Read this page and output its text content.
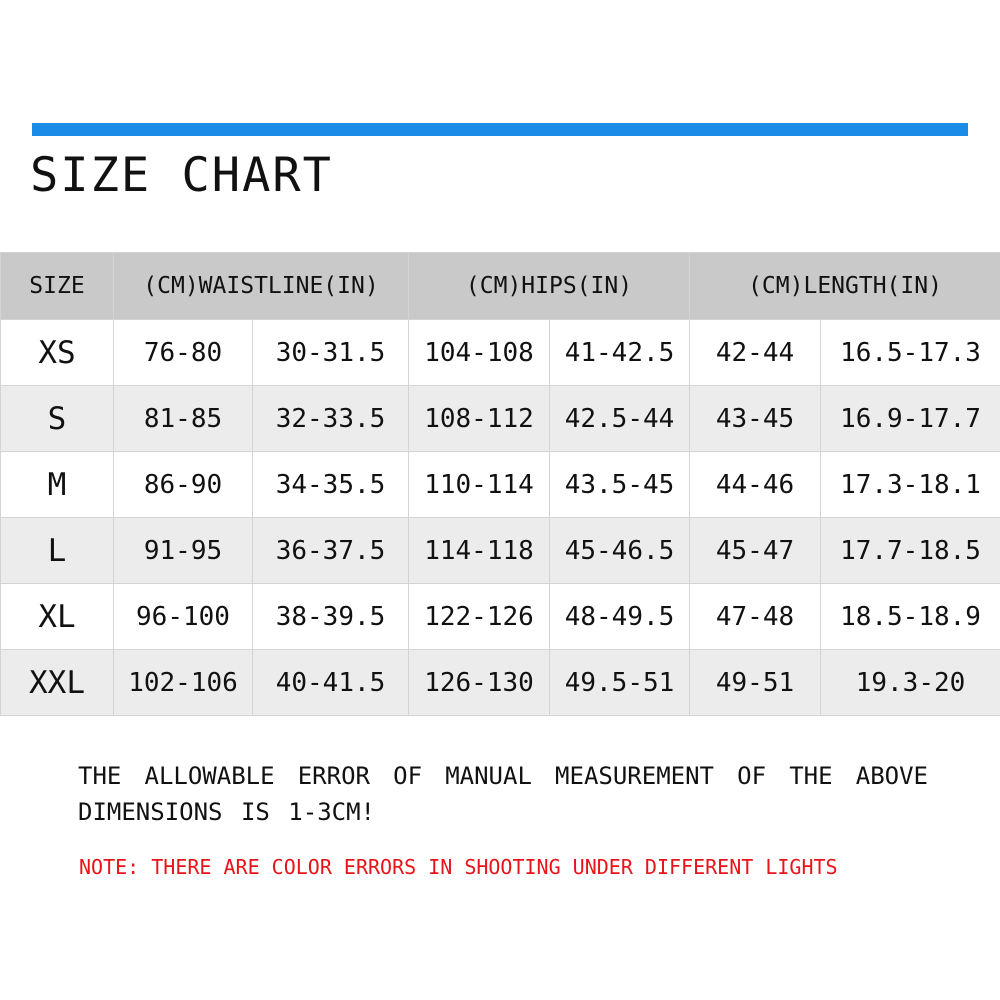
SIZE CHART
SIZE	(CM)WAISTLINE(IN)		(CM)HIPS(IN)		(CM)LENGTH(IN)	
XS	76-80	30-31.5	104-108	41-42.5	42-44	16.5-17.3
S	81-85	32-33.5	108-112	42.5-44	43-45	16.9-17.7
M	86-90	34-35.5	110-114	43.5-45	44-46	17.3-18.1
L	91-95	36-37.5	114-118	45-46.5	45-47	17.7-18.5
XL	96-100	38-39.5	122-126	48-49.5	47-48	18.5-18.9
XXL	102-106	40-41.5	126-130	49.5-51	49-51	19.3-20
THE ALLOWABLE ERROR OF MANUAL MEASUREMENT OF THE ABOVE DIMENSIONS IS 1-3CM!
NOTE: THERE ARE COLOR ERRORS IN SHOOTING UNDER DIFFERENT LIGHTS
